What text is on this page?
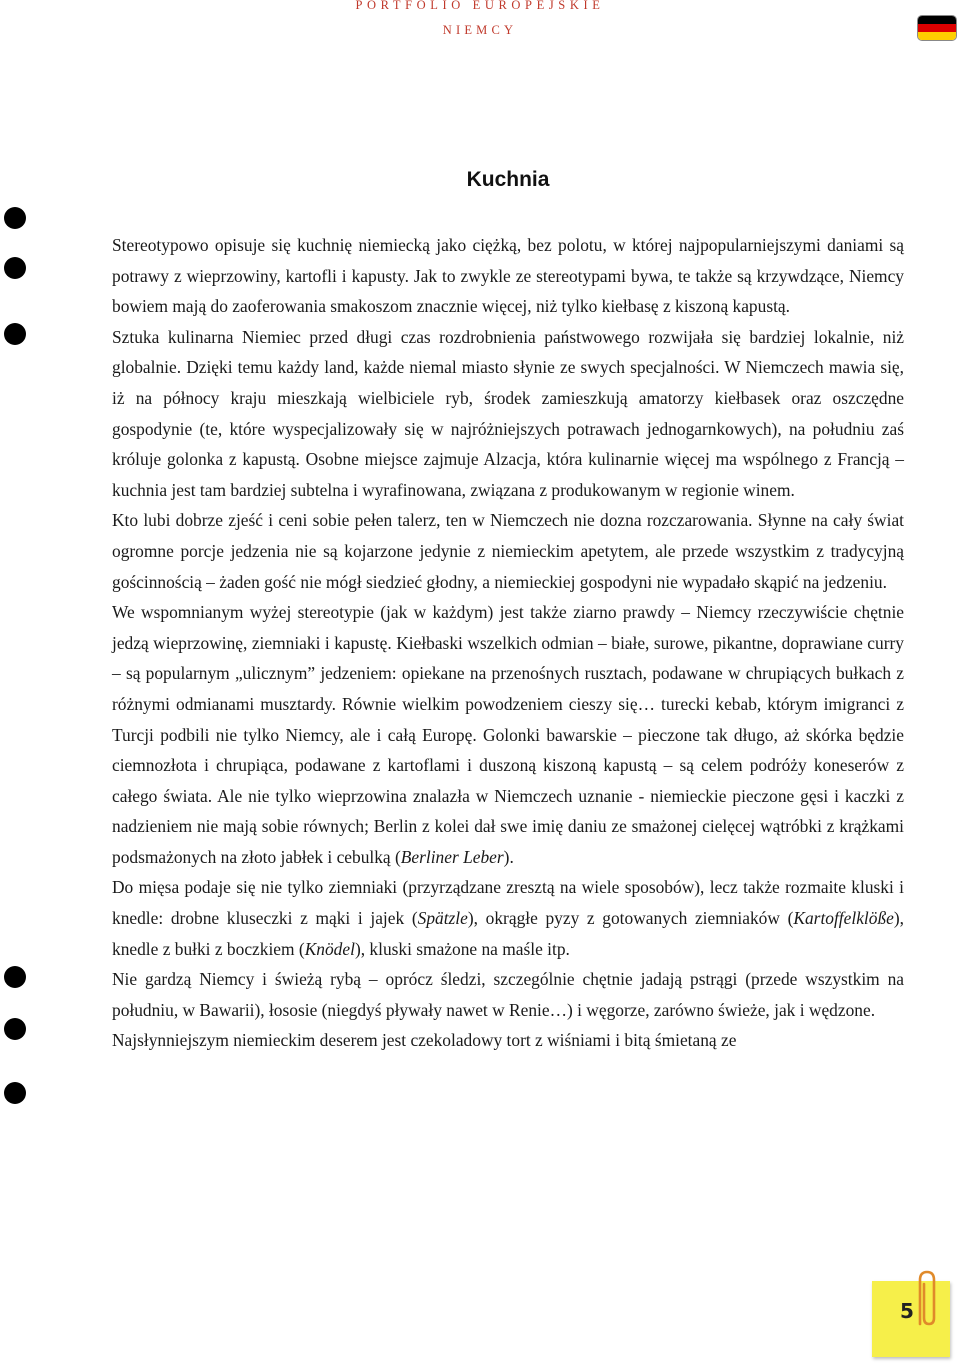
PORTFOLIO EUROPEJSKIE
NIEMCY
Kuchnia

Stereotypowo opisuje się kuchnię niemiecką jako ciężką, bez polotu, w której najpopularniejszymi daniami są potrawy z wieprzowiny, kartofli i kapusty. Jak to zwykle ze stereotypami bywa, te także są krzywdzące, Niemcy bowiem mają do zaoferowania smakoszom znacznie więcej, niż tylko kiełbasę z kiszoną kapustą.

Sztuka kulinarna Niemiec przed długi czas rozdrobnienia państwowego rozwijała się bardziej lokalnie, niż globalnie. Dzięki temu każdy land, każde niemal miasto słynie ze swych specjalności. W Niemczech mawia się, iż na północy kraju mieszkają wielbiciele ryb, środek zamieszkują amatorzy kiełbasek oraz oszczędne gospodynie (te, które wyspecjalizowały się w najróżniejszych potrawach jednogarnkowych), na południu zaś króluje golonka z kapustą. Osobne miejsce zajmuje Alzacja, która kulinarnie więcej ma wspólnego z Francją – kuchnia jest tam bardziej subtelna i wyrafinowana, związana z produkowanym w regionie winem.

Kto lubi dobrze zjeść i ceni sobie pełen talerz, ten w Niemczech nie dozna rozczarowania. Słynne na cały świat ogromne porcje jedzenia nie są kojarzone jedynie z niemieckim apetytem, ale przede wszystkim z tradycyjną gościnnością – żaden gość nie mógł siedzieć głodny, a niemieckiej gospodyni nie wypadało skąpić na jedzeniu.

We wspomnianym wyżej stereotypie (jak w każdym) jest także ziarno prawdy – Niemcy rzeczywiście chętnie jedzą wieprzowinę, ziemniaki i kapustę. Kiełbaski wszelkich odmian – białe, surowe, pikantne, doprawiane curry – są popularnym „ulicznym” jedzeniem: opiekane na przenośnych rusztach, podawane w chrupiących bułkach z różnymi odmianami musztardy. Równie wielkim powodzeniem cieszy się… turecki kebab, którym imigranci z Turcji podbili nie tylko Niemcy, ale i całą Europę. Golonki bawarskie – pieczone tak długo, aż skórka będzie ciemnozłota i chrupiąca, podawane z kartoflami i duszoną kiszoną kapustą – są celem podróży koneserów z całego świata. Ale nie tylko wieprzowina znalazła w Niemczech uznanie - niemieckie pieczone gęsi i kaczki z nadzieniem nie mają sobie równych; Berlin z kolei dał swe imię daniu ze smażonej cielęcej wątróbki z krążkami podsmażonych na złoto jabłek i cebulką (Berliner Leber).

Do mięsa podaje się nie tylko ziemniaki (przyrządzane zresztą na wiele sposobów), lecz także rozmaite kluski i knedle: drobne kluseczki z mąki i jajek (Spätzle), okrągłe pyzy z gotowanych ziemniaków (Kartoffelklöße), knedle z bułki z boczkiem (Knödel), kluski smażone na maśle itp.

Nie gardzą Niemcy i świeżą rybą – oprócz śledzi, szczególnie chętnie jadają pstrągi (przede wszystkim na południu, w Bawarii), łososie (niegdyś pływały nawet w Renie…) i węgorze, zarówno świeże, jak i wędzone.

Najsłynniejszym niemieckim deserem jest czekoladowy tort z wiśniami i bitą śmietaną ze

5
